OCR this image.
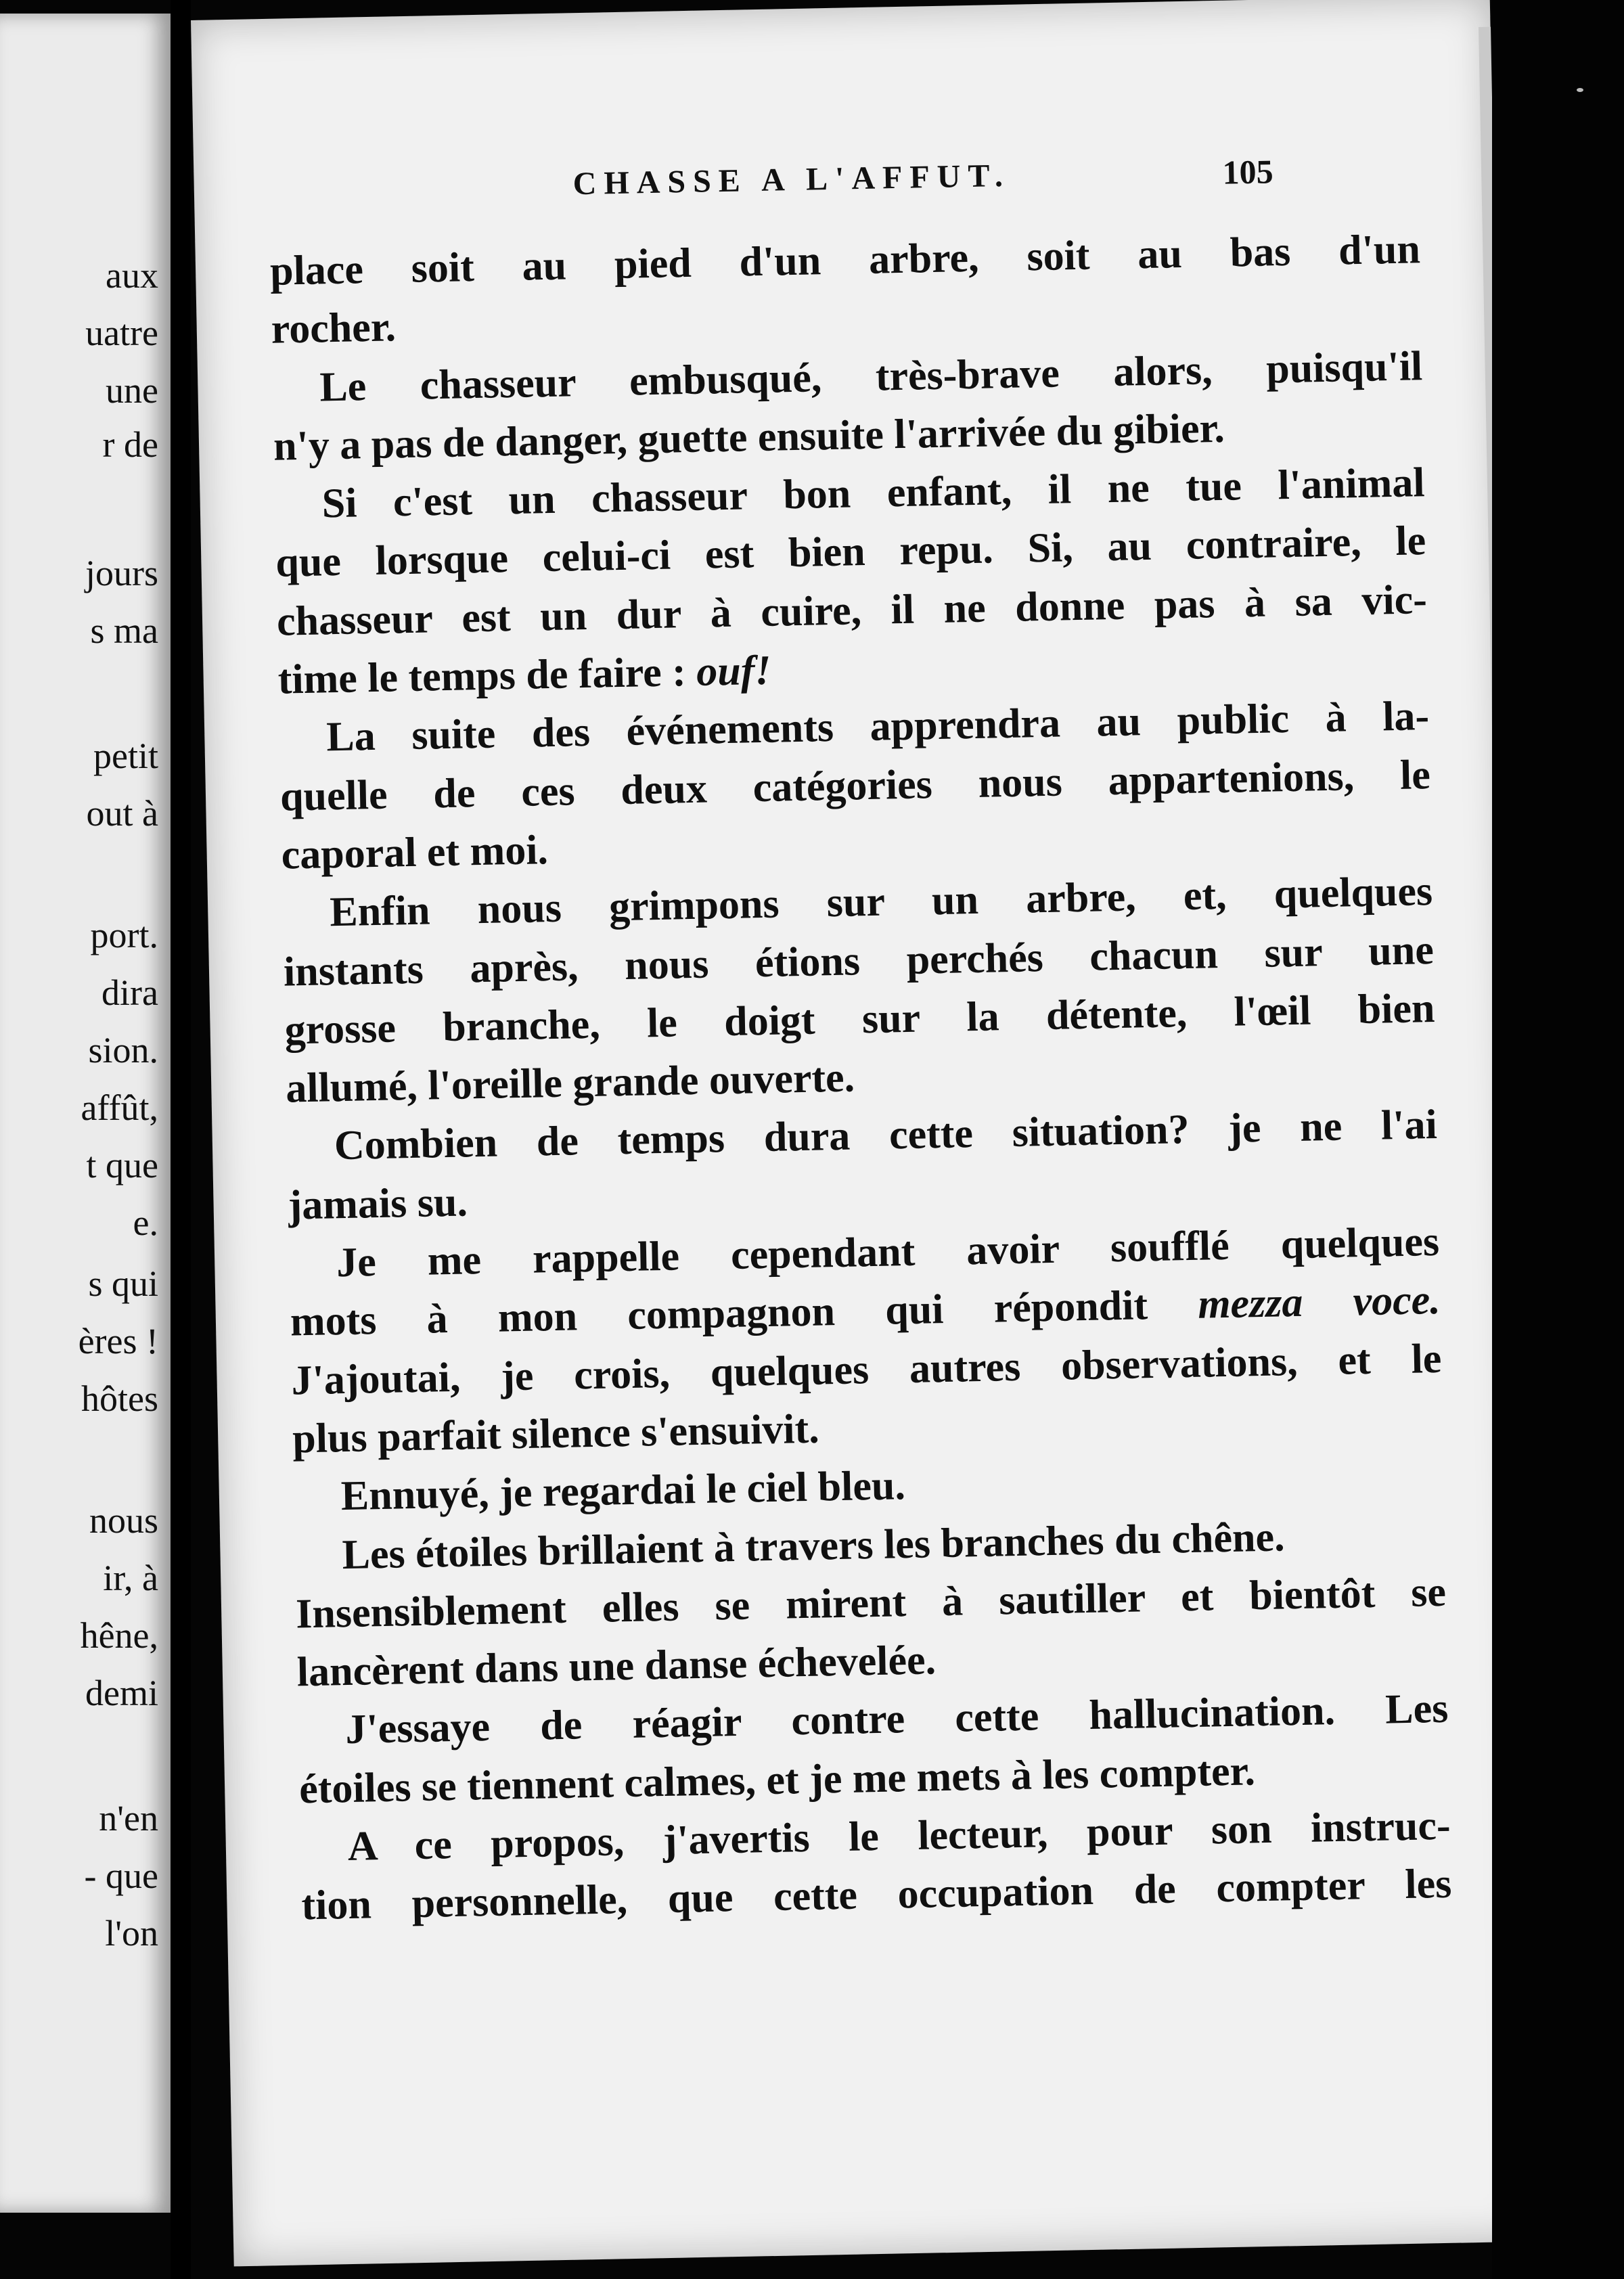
aux
uatre
une
r de
jours
s ma
petit
out à
port.
dira
sion.
affût,
t que
e.
s qui
ères !
hôtes
nous
ir, à
hêne,
demi
n'en
- que
l'on
CHASSE A L'AFFUT.	105
place soit au pied d'un arbre, soit au bas d'un
rocher.
Le chasseur embusqué, très-brave alors, puisqu'il
n'y a pas de danger, guette ensuite l'arrivée du gibier.
Si c'est un chasseur bon enfant, il ne tue l'animal
que lorsque celui-ci est bien repu. Si, au contraire, le
chasseur est un dur à cuire, il ne donne pas à sa vic-
time le temps de faire : ouf!
La suite des événements apprendra au public à la-
quelle de ces deux catégories nous appartenions, le
caporal et moi.
Enfin nous grimpons sur un arbre, et, quelques
instants après, nous étions perchés chacun sur une
grosse branche, le doigt sur la détente, l'œil bien
allumé, l'oreille grande ouverte.
Combien de temps dura cette situation? je ne l'ai
jamais su.
Je me rappelle cependant avoir soufflé quelques
mots à mon compagnon qui répondit mezza voce.
J'ajoutai, je crois, quelques autres observations, et le
plus parfait silence s'ensuivit.
Ennuyé, je regardai le ciel bleu.
Les étoiles brillaient à travers les branches du chêne.
Insensiblement elles se mirent à sautiller et bientôt se
lancèrent dans une danse échevelée.
J'essaye de réagir contre cette hallucination. Les
étoiles se tiennent calmes, et je me mets à les compter.
A ce propos, j'avertis le lecteur, pour son instruc-
tion personnelle, que cette occupation de compter les
